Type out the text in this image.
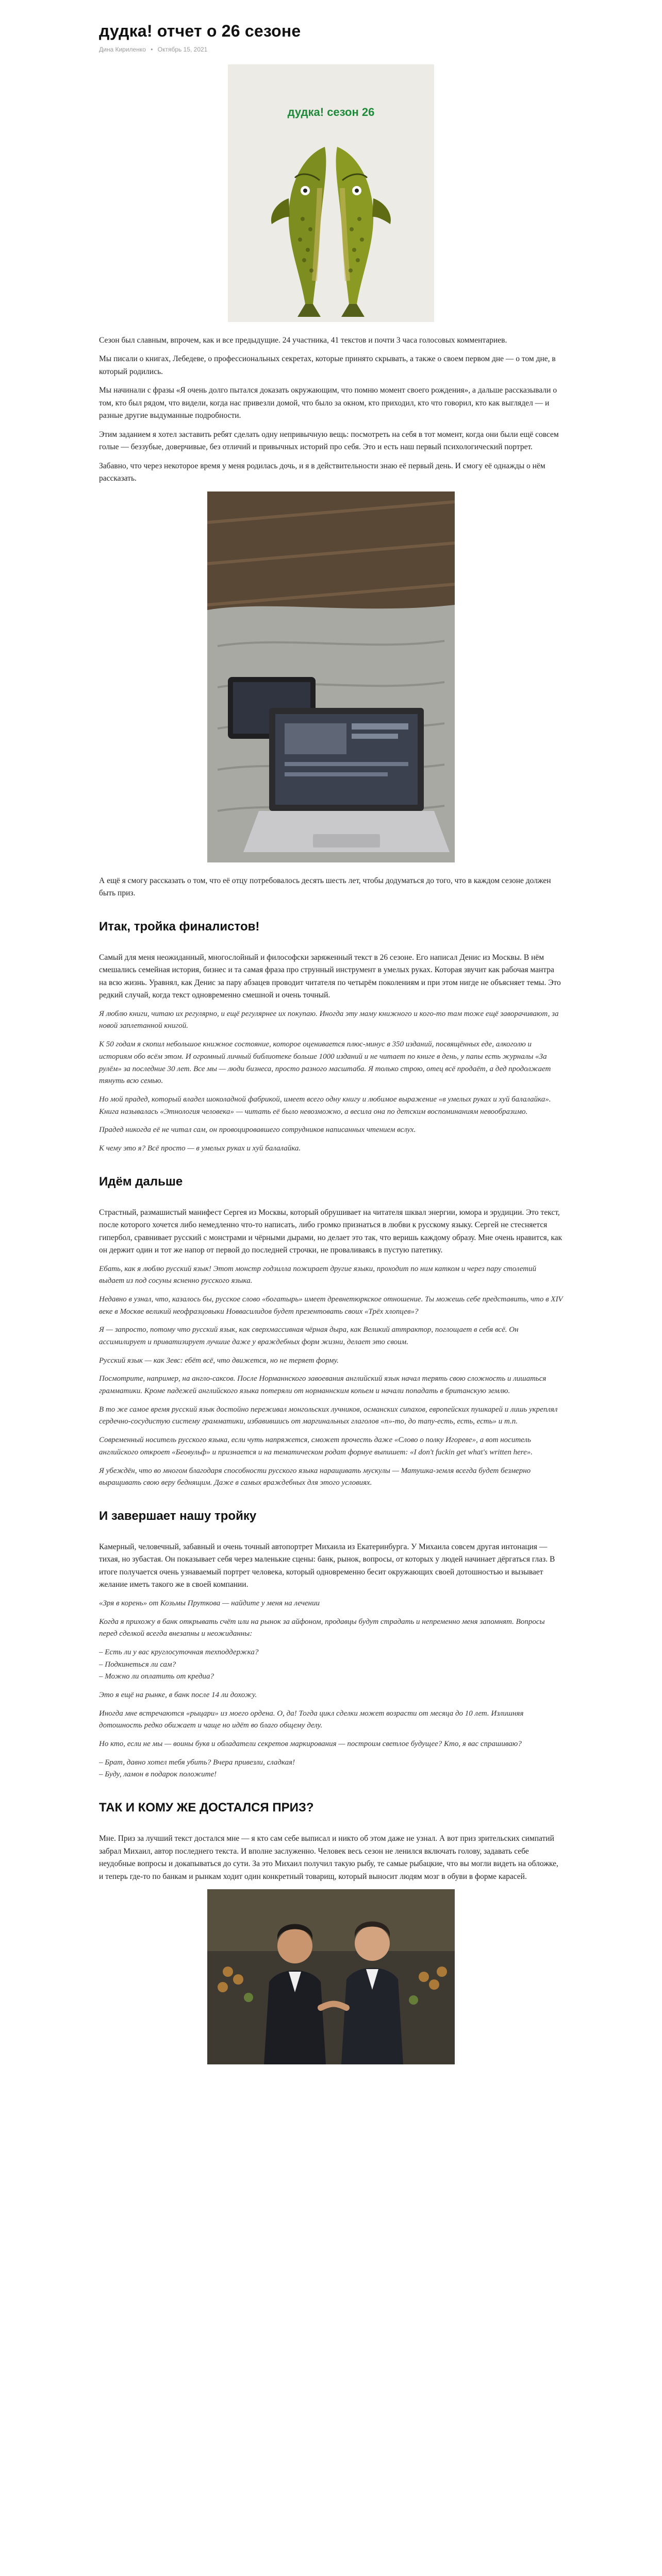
дудка! отчет о 26 сезоне
Дина Кириленко • Октябрь 15, 2021
дудка! сезон 26

Сезон был славным, впрочем, как и все предыдущие. 24 участника, 41 текстов и почти 3 часа голосовых комментариев.

Мы писали о книгах, Лебедеве, о профессиональных секретах, которые принято скрывать, а также о своем первом дне — о том дне, в который родились.

Мы начинали с фразы «Я очень долго пытался доказать окружающим, что помню момент своего рождения», а дальше рассказывали о том, кто был рядом, что видели, когда нас привезли домой, что было за окном, кто приходил, кто что говорил, кто как выглядел — и разные другие выдуманные подробности.

Этим заданием я хотел заставить ребят сделать одну непривычную вещь: посмотреть на себя в тот момент, когда они были ещё совсем голые — беззубые, доверчивые, без отличий и привычных историй про себя. Это и есть наш первый психологический портрет.

Забавно, что через некоторое время у меня родилась дочь, и я в действительности знаю её первый день. И смогу её однажды о нём рассказать.

А ещё я смогу рассказать о том, что её отцу потребовалось десять шесть лет, чтобы додуматься до того, что в каждом сезоне должен быть приз.

Итак, тройка финалистов!

Самый для меня неожиданный, многослойный и философски заряженный текст в 26 сезоне. Его написал Денис из Москвы. В нём смешались семейная история, бизнес и та самая фраза про струнный инструмент в умелых руках. Которая звучит как рабочая мантра на всю жизнь. Уравнял, как Денис за пару абзацев проводит читателя по четырём поколениям и при этом нигде не объясняет темы. Это редкий случай, когда текст одновременно смешной и очень точный.

Я люблю книги, читаю их регулярно, и ещё регулярнее их покупаю. Иногда эту маму книжного и кого-то там тоже ещё заворачивают, за новой заплетанной книгой.

К 50 годам я скопил небольшое книжное состояние, которое оценивается плюс-минус в 350 изданий, посвящённых еде, алкоголю и историям обо всём этом. И огромный личный библиотеке больше 1000 изданий и не читает по книге в день, у папы есть журналы «За рулём» за последние 30 лет. Все мы — люди бизнеса, просто разного масштаба. Я только строю, отец всё продаёт, а дед продолжает тянуть всю семью.

Но мой прадед, который владел шоколадной фабрикой, имеет всего одну книгу и любимое выражение «в умелых руках и хуй балалайка». Книга называлась «Этнология человека» — читать её было невозможно, а весила она по детским воспоминаниям невообразимо.

Прадед никогда её не читал сам, он провоцировавшего сотрудников написанных чтением вслух.

К чему это я? Всё просто — в умелых руках и хуй балалайка.

Идём дальше

Страстный, размашистый манифест Сергея из Москвы, который обрушивает на читателя шквал энергии, юмора и эрудиции. Это текст, после которого хочется либо немедленно что-то написать, либо громко признаться в любви к русскому языку. Сергей не стесняется гипербол, сравнивает русский с монстрами и чёрными дырами, но делает это так, что веришь каждому образу. Мне очень нравится, как он держит один и тот же напор от первой до последней строчки, не проваливаясь в пустую патетику.

Ебать, как я люблю русский язык! Этот монстр годзилла пожирает другие языки, проходит по ним катком и через пару столетий выдает из под сосуны ясненно русского языка.

Недавно в узнал, что, казалось бы, русское слово «богатырь» имеет древнетюркское отношение. Ты можешь себе представить, что в XIV веке в Москве великий неофразцовыки Новвасилидов будет презентовать своих «Трёх хлопцев»?

Я — запросто, потому что русский язык, как сверхмассивная чёрная дыра, как Великий аттрактор, поглощает в себя всё. Он ассимилирует и приватизирует лучшие даже у враждебных форм жизни, делает это своим.

Русский язык — как Зевс: ебёт всё, что движется, но не теряет форму.

Посмотрите, например, на англо-саксов. После Норманнского завоевания английский язык начал терять свою сложность и лишаться грамматики. Кроме падежей английского языка потеряли от норманнским копьем и начали попадать в британскую землю.

В то же самое время русский язык достойно переживал монгольских лучников, османских сипахов, европейских пушкарей и лишь укреплял сердечно-сосудистую систему грамматики, избавившись от маргинальных глаголов «п»-то, до тапу-есть, есть, есть» и т.п.

Современный носитель русского языка, если чуть напряжется, сможет прочесть даже «Слово о полку Игореве», а вот носитель английского откроет «Беовульф» и признается и на тематическом родат формуе выпишет: «I don't fuckin get what's written here».

Я убеждён, что во многом благодаря способности русского языка наращивать мускулы — Матушка-земля всегда будет безмерно выращивать свою веру беднящим. Даже в самых враждебных для этого условиях.

И завершает нашу тройку

Камерный, человечный, забавный и очень точный автопортрет Михаила из Екатеринбурга. У Михаила совсем другая интонация — тихая, но зубастая. Он показывает себя через маленькие сцены: банк, рынок, вопросы, от которых у людей начинает дёргаться глаз. В итоге получается очень узнаваемый портрет человека, который одновременно бесит окружающих своей дотошностью и вызывает желание иметь такого же в своей компании.

«Зря в корень» от Козьмы Пруткова — найдите у меня на лечении

Когда я прихожу в банк открывать счёт или на рынок за айфоном, продавцы будут страдать и непременно меня запомнят. Вопросы перед сделкой всегда внезапны и неожиданны:

– Есть ли у вас круглосуточная техподдержка?
– Подкинеться ли сам?
– Можно ли оплатить от кредиа?

Это я ещё на рынке, в банк после 14 ли дохожу.

Иногда мне встречаются «рыцари» из моего ордена. О, да! Тогда цикл сделки может возрасти от месяца до 10 лет. Излишняя дотошность редко обижает и чаще но идёт во благо общему делу.

Но кто, если не мы — воины букв и обладатели секретов маркирования — построим светлое будущее? Кто, я вас спрашиваю?

– Брат, давно хотел тебя убить? Вчера привезли, сладкая!
– Буду, ламон в подарок положите!

ТАК И КОМУ ЖЕ ДОСТАЛСЯ ПРИЗ?

Мне. Приз за лучший текст достался мне — я кто сам себе выписал и никто об этом даже не узнал. А вот приз зрительских симпатий забрал Михаил, автор последнего текста. И вполне заслуженно. Человек весь сезон не ленился включать голову, задавать себе неудобные вопросы и докапываться до сути. За это Михаил получил такую рыбу, те самые рыбацкие, что вы могли видеть на обложке, и теперь где-то по банкам и рынкам ходит один конкретный товарищ, который выносит людям мозг в обуви в форме карасей.
